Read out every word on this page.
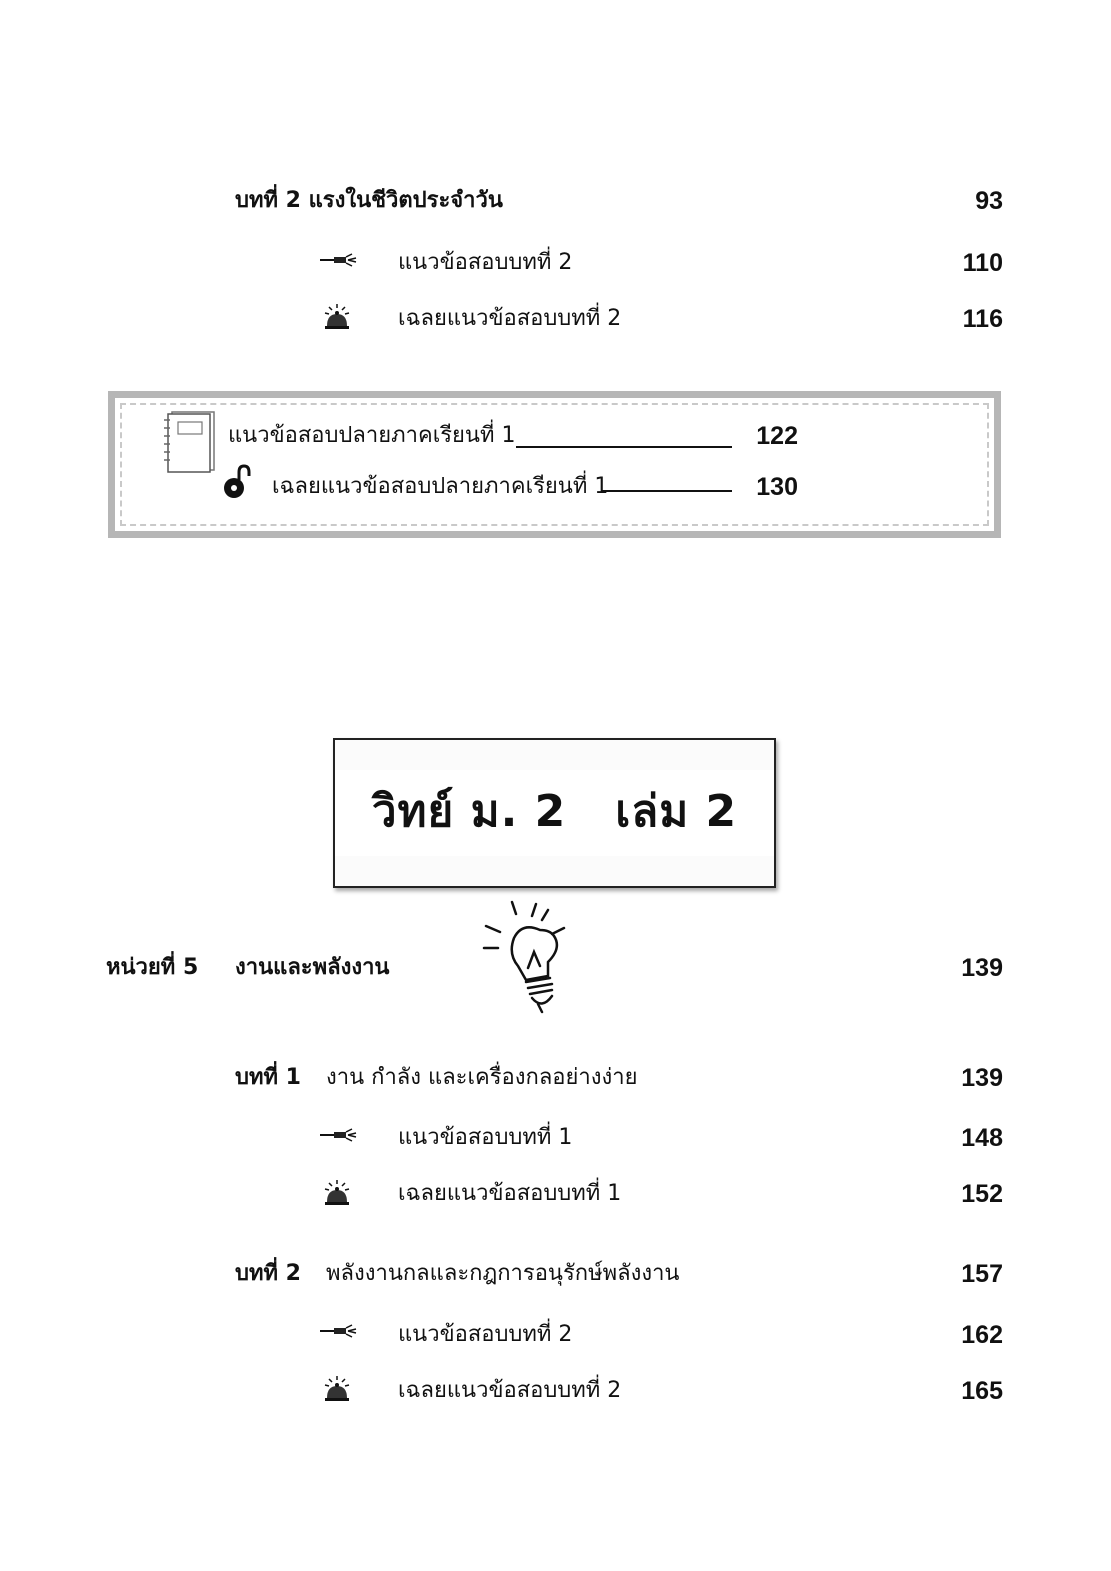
บทที่ 2 แรงในชีวิตประจำวัน	93
แนวข้อสอบบทที่ 2	110
เฉลยแนวข้อสอบบทที่ 2	116
แนวข้อสอบปลายภาคเรียนที่ 1	122
เฉลยแนวข้อสอบปลายภาคเรียนที่ 1	130
วิทย์ ม. 2   เล่ม 2
หน่วยที่ 5 งานและพลังงาน	139
บทที่ 1 งาน กำลัง และเครื่องกลอย่างง่าย	139
แนวข้อสอบบทที่ 1	148
เฉลยแนวข้อสอบบทที่ 1	152
บทที่ 2 พลังงานกลและกฎการอนุรักษ์พลังงาน	157
แนวข้อสอบบทที่ 2	162
เฉลยแนวข้อสอบบทที่ 2	165
